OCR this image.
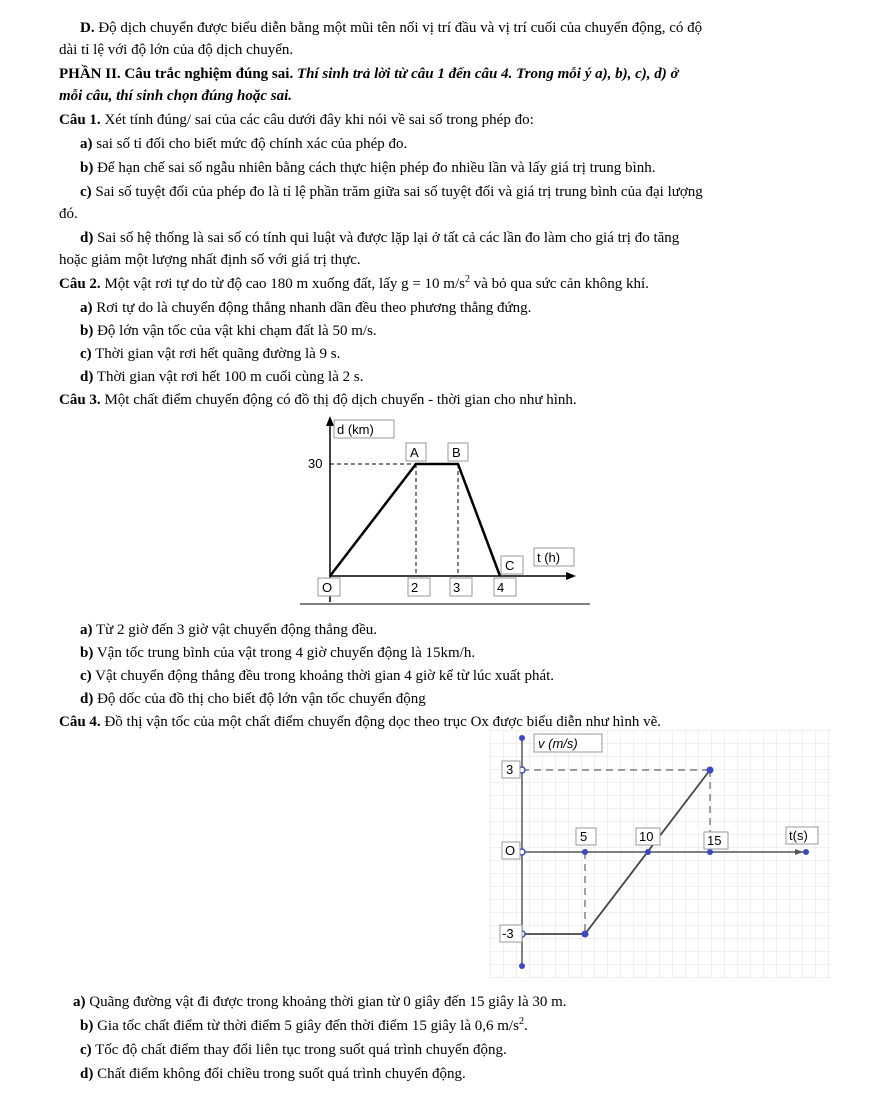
D. Độ dịch chuyển được biểu diễn bằng một mũi tên nối vị trí đầu và vị trí cuối của chuyển động, có độ
dài tỉ lệ với độ lớn của độ dịch chuyển.
PHẦN II. Câu trắc nghiệm đúng sai. Thí sinh trả lời từ câu 1 đến câu 4. Trong mỗi ý a), b), c), d) ở
mỗi câu, thí sinh chọn đúng hoặc sai.
Câu 1. Xét tính đúng/ sai của các câu dưới đây khi nói về sai số trong phép đo:
a) sai số tỉ đối cho biết mức độ chính xác của phép đo.
b) Để hạn chế sai số ngẫu nhiên bằng cách thực hiện phép đo nhiều lần và lấy giá trị trung bình.
c) Sai số tuyệt đối của phép đo là tỉ lệ phần trăm giữa sai số tuyệt đối và giá trị trung bình của đại lượng
đó.
d) Sai số hệ thống là sai số có tính qui luật và được lặp lại ở tất cả các lần đo làm cho giá trị đo tăng
hoặc giảm một lượng nhất định số với giá trị thực.
Câu 2. Một vật rơi tự do từ độ cao 180 m xuống đất, lấy g = 10 $m/s^2$ và bỏ qua sức cản không khí.
a) Rơi tự do là chuyển động thẳng nhanh dần đều theo phương thẳng đứng.
b) Độ lớn vận tốc của vật khi chạm đất là 50 m/s.
c) Thời gian vật rơi hết quãng đường là 9 s.
d) Thời gian vật rơi hết 100 m cuối cùng là 2 s.
Câu 3. Một chất điểm chuyển động có đồ thị độ dịch chuyển - thời gian cho như hình.
d (km)
30
A	B
C
t (h)
O	2	3	4
a) Từ 2 giờ đến 3 giờ vật chuyển động thẳng đều.
b) Vận tốc trung bình của vật trong 4 giờ chuyển động là 15km/h.
c) Vật chuyển động thẳng đều trong khoảng thời gian 4 giờ kể từ lúc xuất phát.
d) Độ dốc của đồ thị cho biết độ lớn vận tốc chuyển động
Câu 4. Đồ thị vận tốc của một chất điểm chuyển động dọc theo trục Ox được biểu diễn như hình vẽ.
v (m/s)
3
O
-3
5	10	15	t(s)
a) Quãng đường vật đi được trong khoảng thời gian từ 0 giây đến 15 giây là 30 m.
b) Gia tốc chất điểm từ thời điểm 5 giây đến thời điểm 15 giây là 0,6 $m/s^2$.
c) Tốc độ chất điểm thay đổi liên tục trong suốt quá trình chuyển động.
d) Chất điểm không đổi chiều trong suốt quá trình chuyển động.
